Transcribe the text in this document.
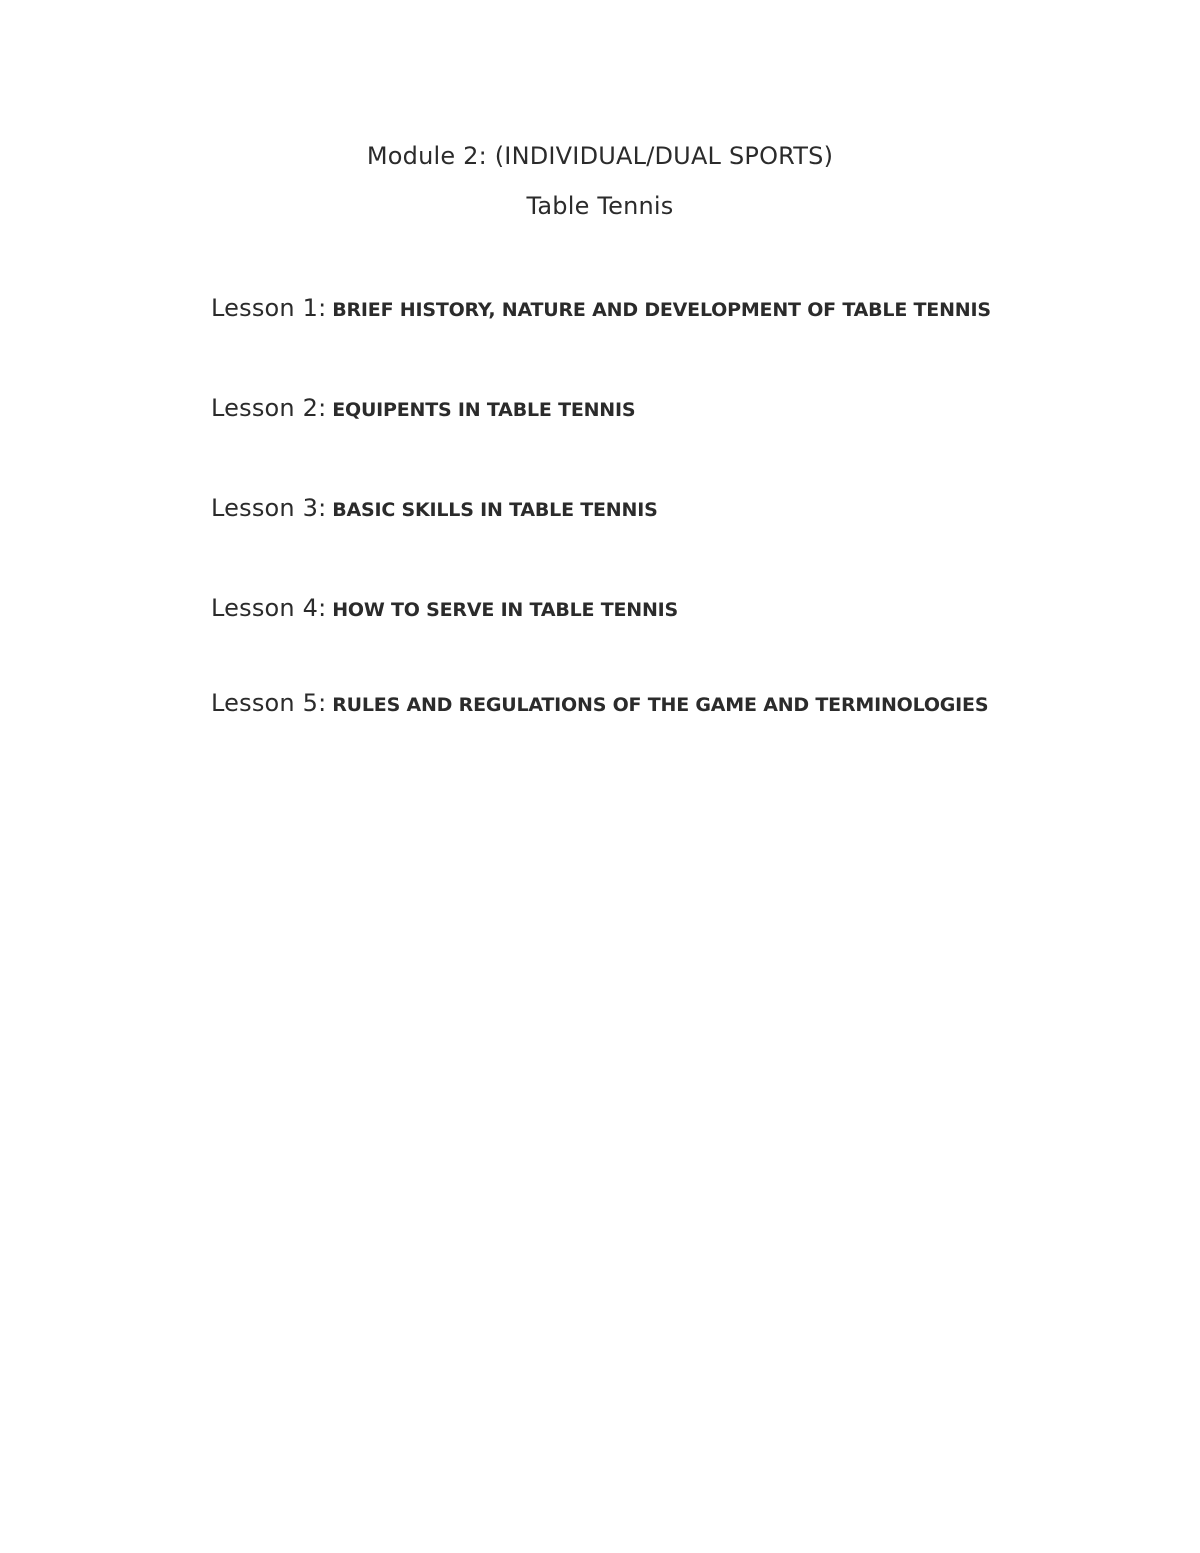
Module 2: (INDIVIDUAL/DUAL SPORTS)
Table Tennis
Lesson 1: BRIEF HISTORY, NATURE AND DEVELOPMENT OF TABLE TENNIS
Lesson 2: EQUIPENTS IN TABLE TENNIS
Lesson 3: BASIC SKILLS IN TABLE TENNIS
Lesson 4: HOW TO SERVE IN TABLE TENNIS
Lesson 5: RULES AND REGULATIONS OF THE GAME AND TERMINOLOGIES
